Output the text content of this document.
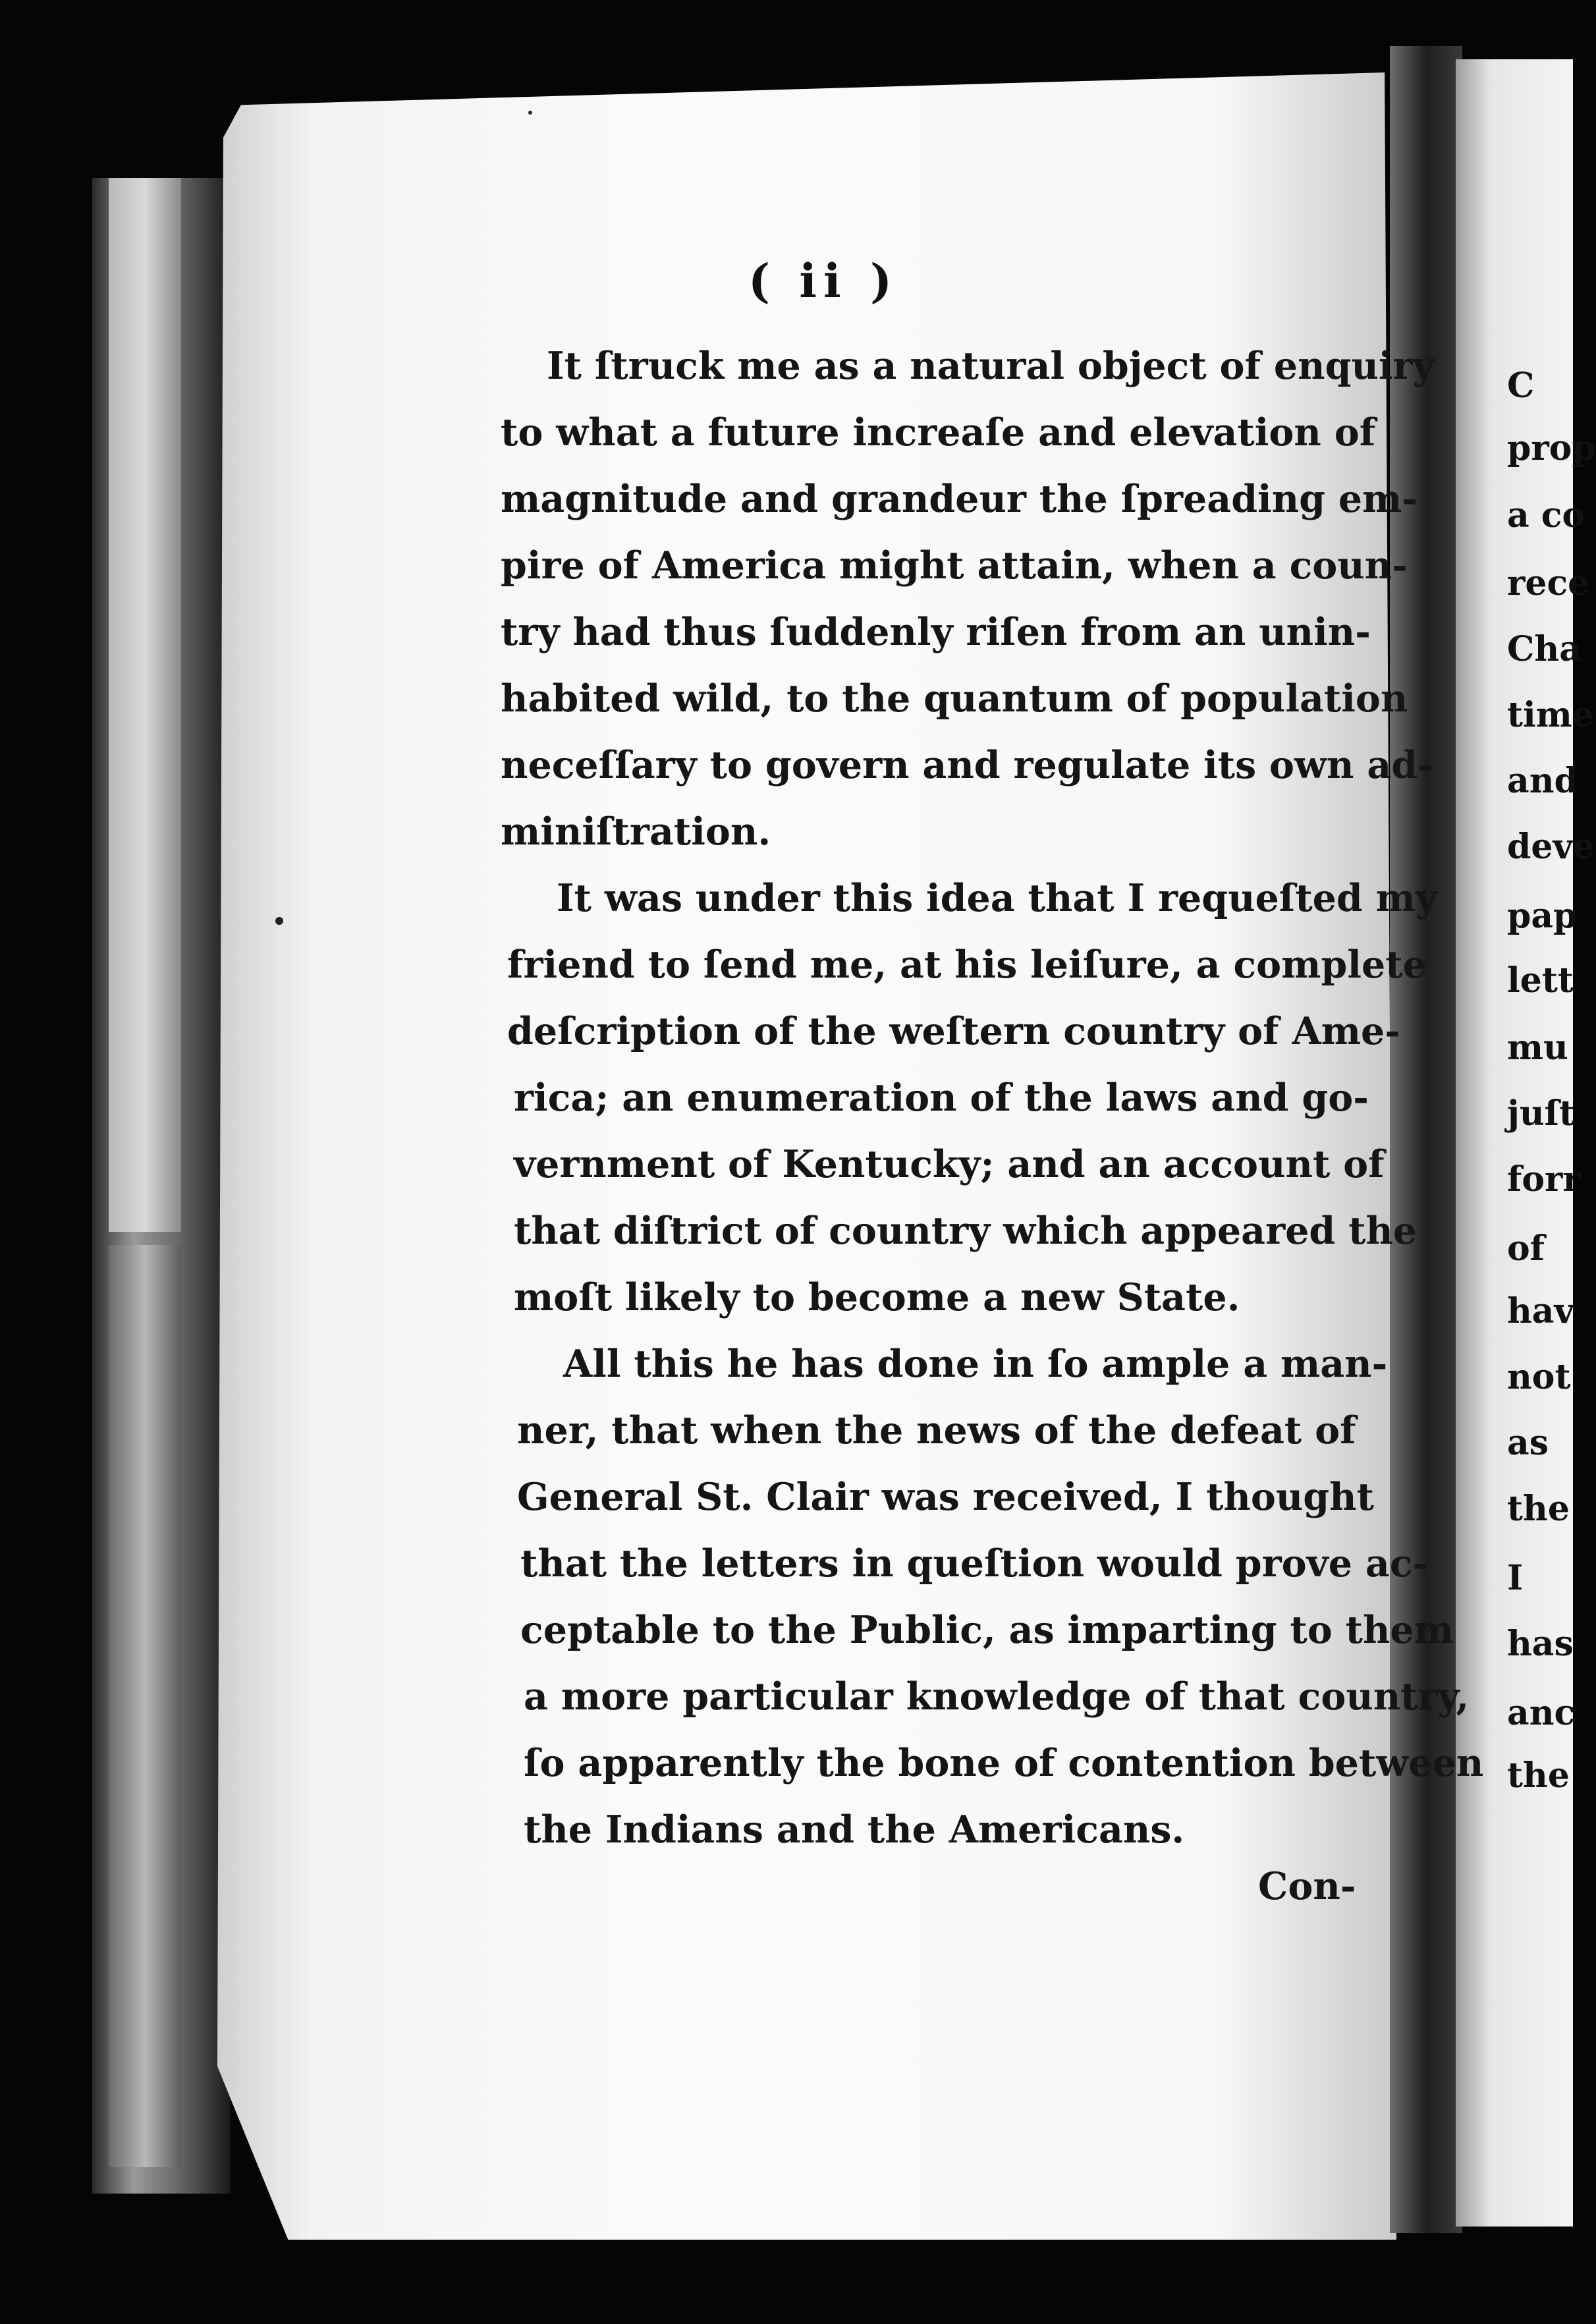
C
prop
a co
rece
Cha
time
and
deve
pap
lett
mu
juſt
forr
of
hav
not
as
the
I
has
anc
the
( ii )
It ſtruck me as a natural object of enquiry
to what a future increaſe and elevation of
magnitude and grandeur the ſpreading em-
pire of America might attain, when a coun-
try had thus ſuddenly riſen from an unin-
habited wild, to the quantum of population
neceſſary to govern and regulate its own ad-
miniſtration.
It was under this idea that I requeſted my
friend to ſend me, at his leiſure, a complete
deſcription of the weſtern country of Ame-
rica; an enumeration of the laws and go-
vernment of Kentucky; and an account of
that diſtrict of country which appeared the
moſt likely to become a new State.
All this he has done in ſo ample a man-
ner, that when the news of the defeat of
General St. Clair was received, I thought
that the letters in queſtion would prove ac-
ceptable to the Public, as imparting to them
a more particular knowledge of that country,
ſo apparently the bone of contention between
the Indians and the Americans.
Con-
